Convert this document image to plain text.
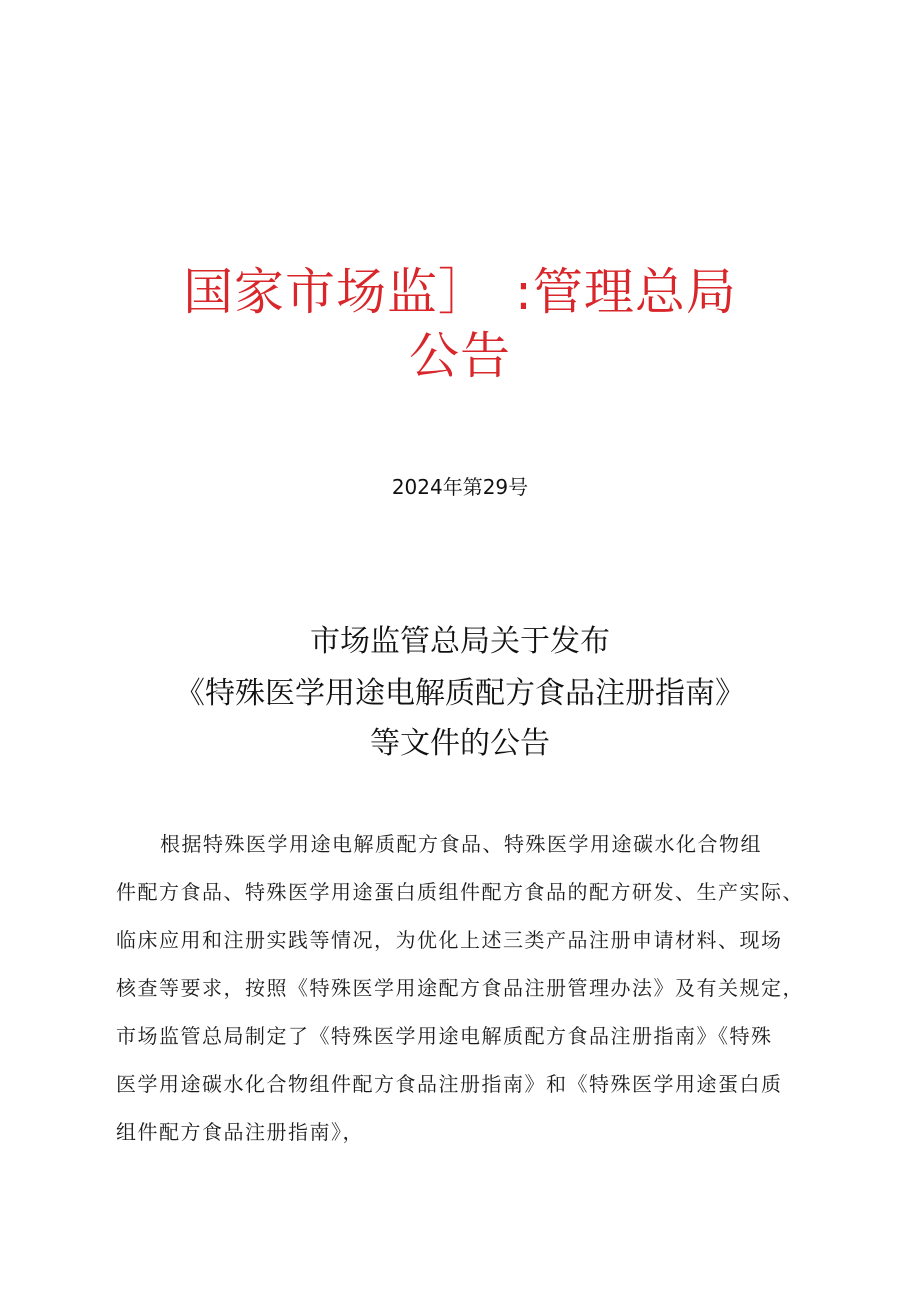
国家市场监］　:管理总局
公告
2024年第29号
市场监管总局关于发布
《特殊医学用途电解质配方食品注册指南》
等文件的公告
根据特殊医学用途电解质配方食品、特殊医学用途碳水化合物组
件配方食品、特殊医学用途蛋白质组件配方食品的配方研发、生产实际、
临床应用和注册实践等情况，为优化上述三类产品注册申请材料、现场
核查等要求，按照《特殊医学用途配方食品注册管理办法》及有关规定，
市场监管总局制定了《特殊医学用途电解质配方食品注册指南》《特殊
医学用途碳水化合物组件配方食品注册指南》和《特殊医学用途蛋白质
组件配方食品注册指南》，
